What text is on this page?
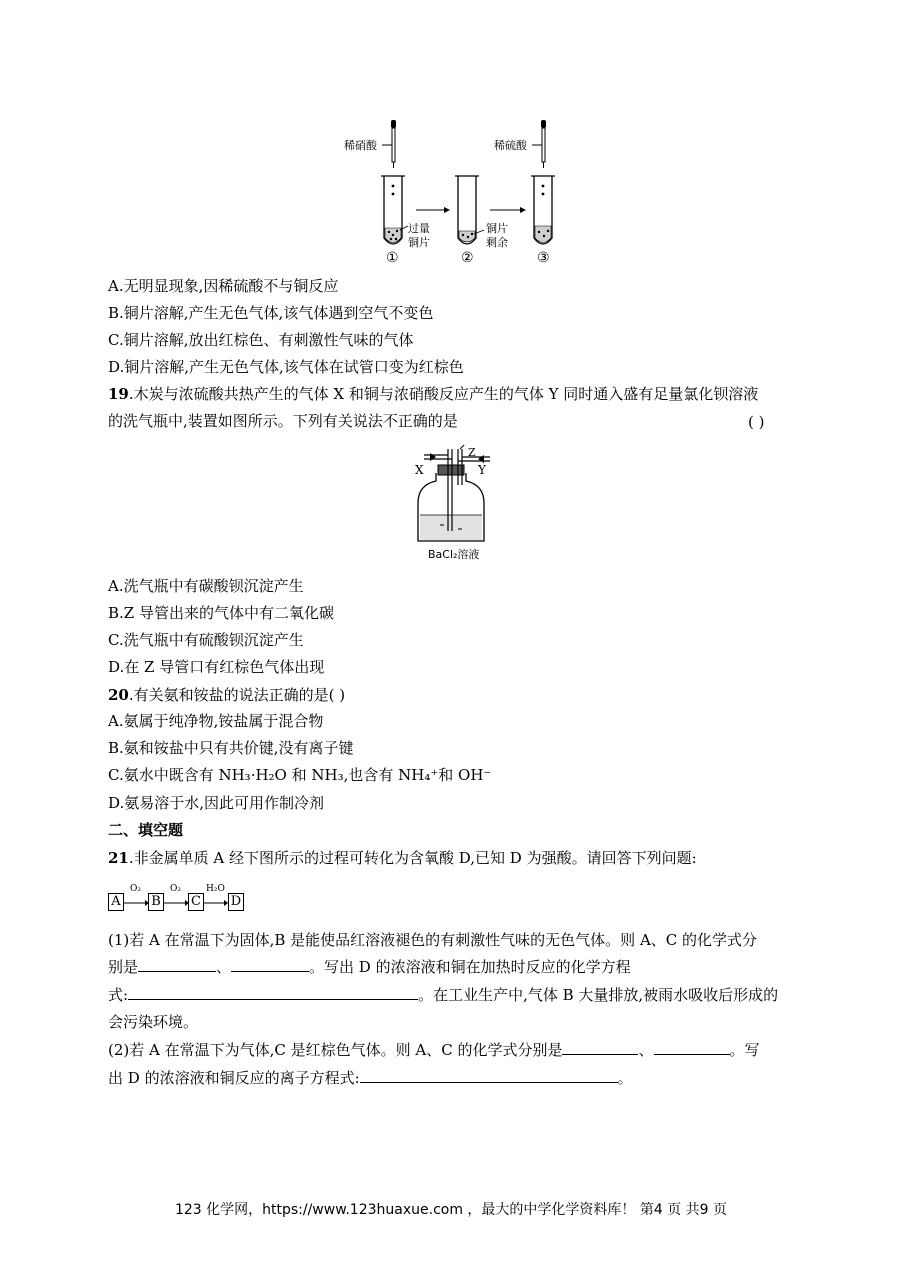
稀硝酸	稀硫酸
过量
铜片
铜片
剩余
①	②	③
A.无明显现象,因稀硫酸不与铜反应
B.铜片溶解,产生无色气体,该气体遇到空气不变色
C.铜片溶解,放出红棕色、有刺激性气味的气体
D.铜片溶解,产生无色气体,该气体在试管口变为红棕色
19.木炭与浓硫酸共热产生的气体 X 和铜与浓硝酸反应产生的气体 Y 同时通入盛有足量氯化钡溶液
的洗气瓶中,装置如图所示。下列有关说法不正确的是	( )
X	Y
Z
BaCl₂溶液
A.洗气瓶中有碳酸钡沉淀产生
B.Z 导管出来的气体中有二氧化碳
C.洗气瓶中有硫酸钡沉淀产生
D.在 Z 导管口有红棕色气体出现
20.有关氨和铵盐的说法正确的是( )
A.氨属于纯净物,铵盐属于混合物
B.氨和铵盐中只有共价键,没有离子键
C.氨水中既含有 NH₃·H₂O 和 NH₃,也含有 NH₄⁺和 OH⁻
D.氨易溶于水,因此可用作制冷剂
二、填空题
21.非金属单质 A 经下图所示的过程可转化为含氧酸 D,已知 D 为强酸。请回答下列问题:
A B C D
O₂	O₂	H₂O
(1)若 A 在常温下为固体,B 是能使品红溶液褪色的有刺激性气味的无色气体。则 A、C 的化学式分
别是	、	。写出 D 的浓溶液和铜在加热时反应的化学方程
式:	。在工业生产中,气体 B 大量排放,被雨水吸收后形成的
会污染环境。
(2)若 A 在常温下为气体,C 是红棕色气体。则 A、C 的化学式分别是	、	。写
出 D 的浓溶液和铜反应的离子方程式:	。
123 化学网，https://www.123huaxue.com ，最大的中学化学资料库！ 第4 页 共9 页
